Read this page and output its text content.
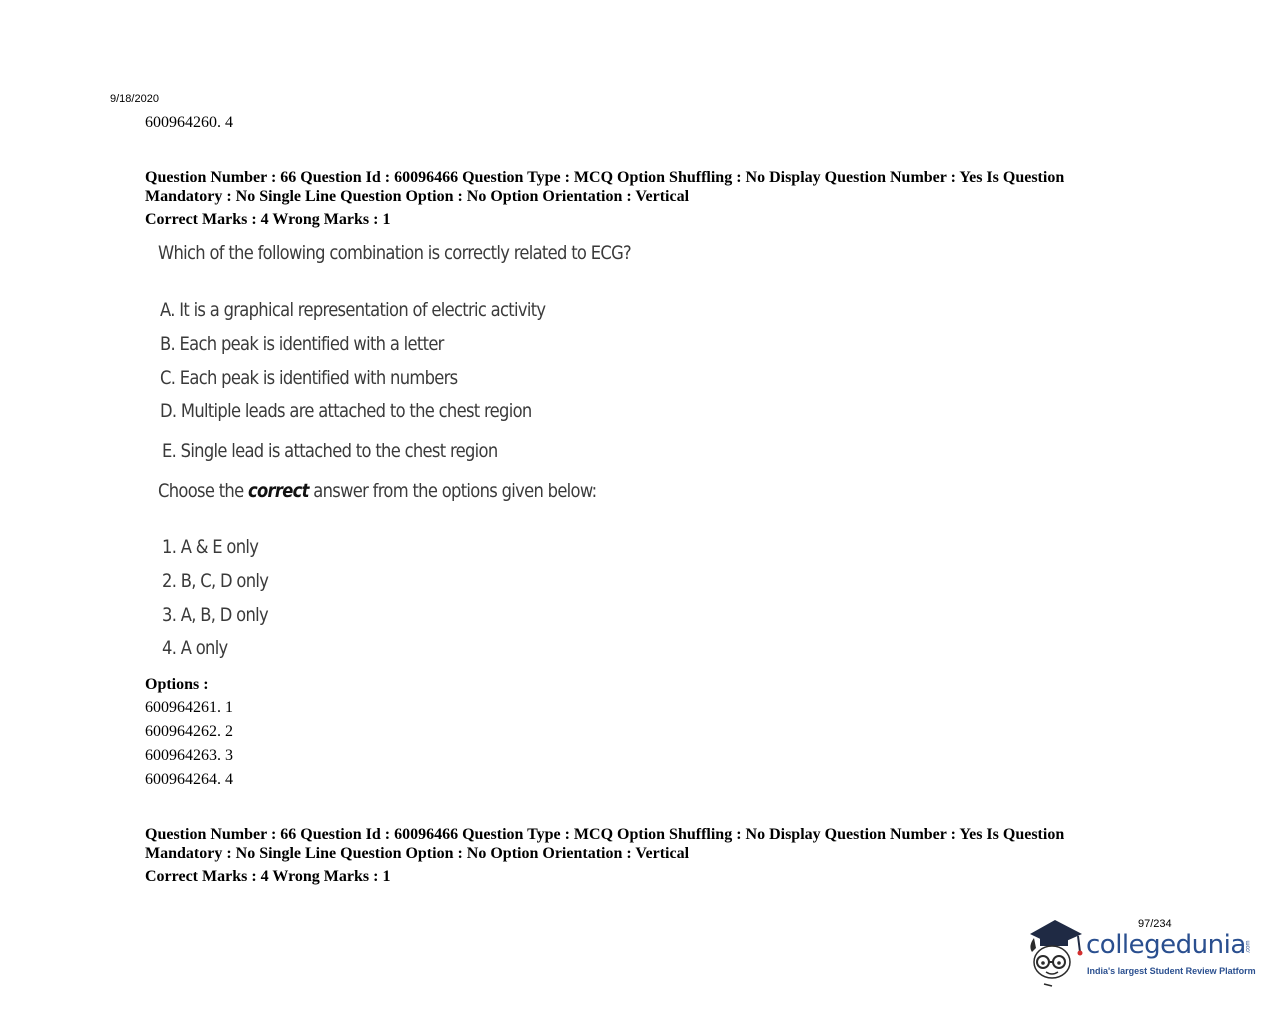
9/18/2020
600964260. 4
Question Number : 66 Question Id : 60096466 Question Type : MCQ Option Shuffling : No Display Question Number : Yes Is Question
Mandatory : No Single Line Question Option : No Option Orientation : Vertical
Correct Marks : 4 Wrong Marks : 1
Which of the following combination is correctly related to ECG?
A. It is a graphical representation of electric activity
B. Each peak is identified with a letter
C. Each peak is identified with numbers
D. Multiple leads are attached to the chest region
E. Single lead is attached to the chest region
Choose the correct answer from the options given below:
1. A & E only
2. B, C, D only
3. A, B, D only
4. A only
Options :
600964261. 1
600964262. 2
600964263. 3
600964264. 4
Question Number : 66 Question Id : 60096466 Question Type : MCQ Option Shuffling : No Display Question Number : Yes Is Question
Mandatory : No Single Line Question Option : No Option Orientation : Vertical
Correct Marks : 4 Wrong Marks : 1
97/234
collegedunia .com
India's largest Student Review Platform
